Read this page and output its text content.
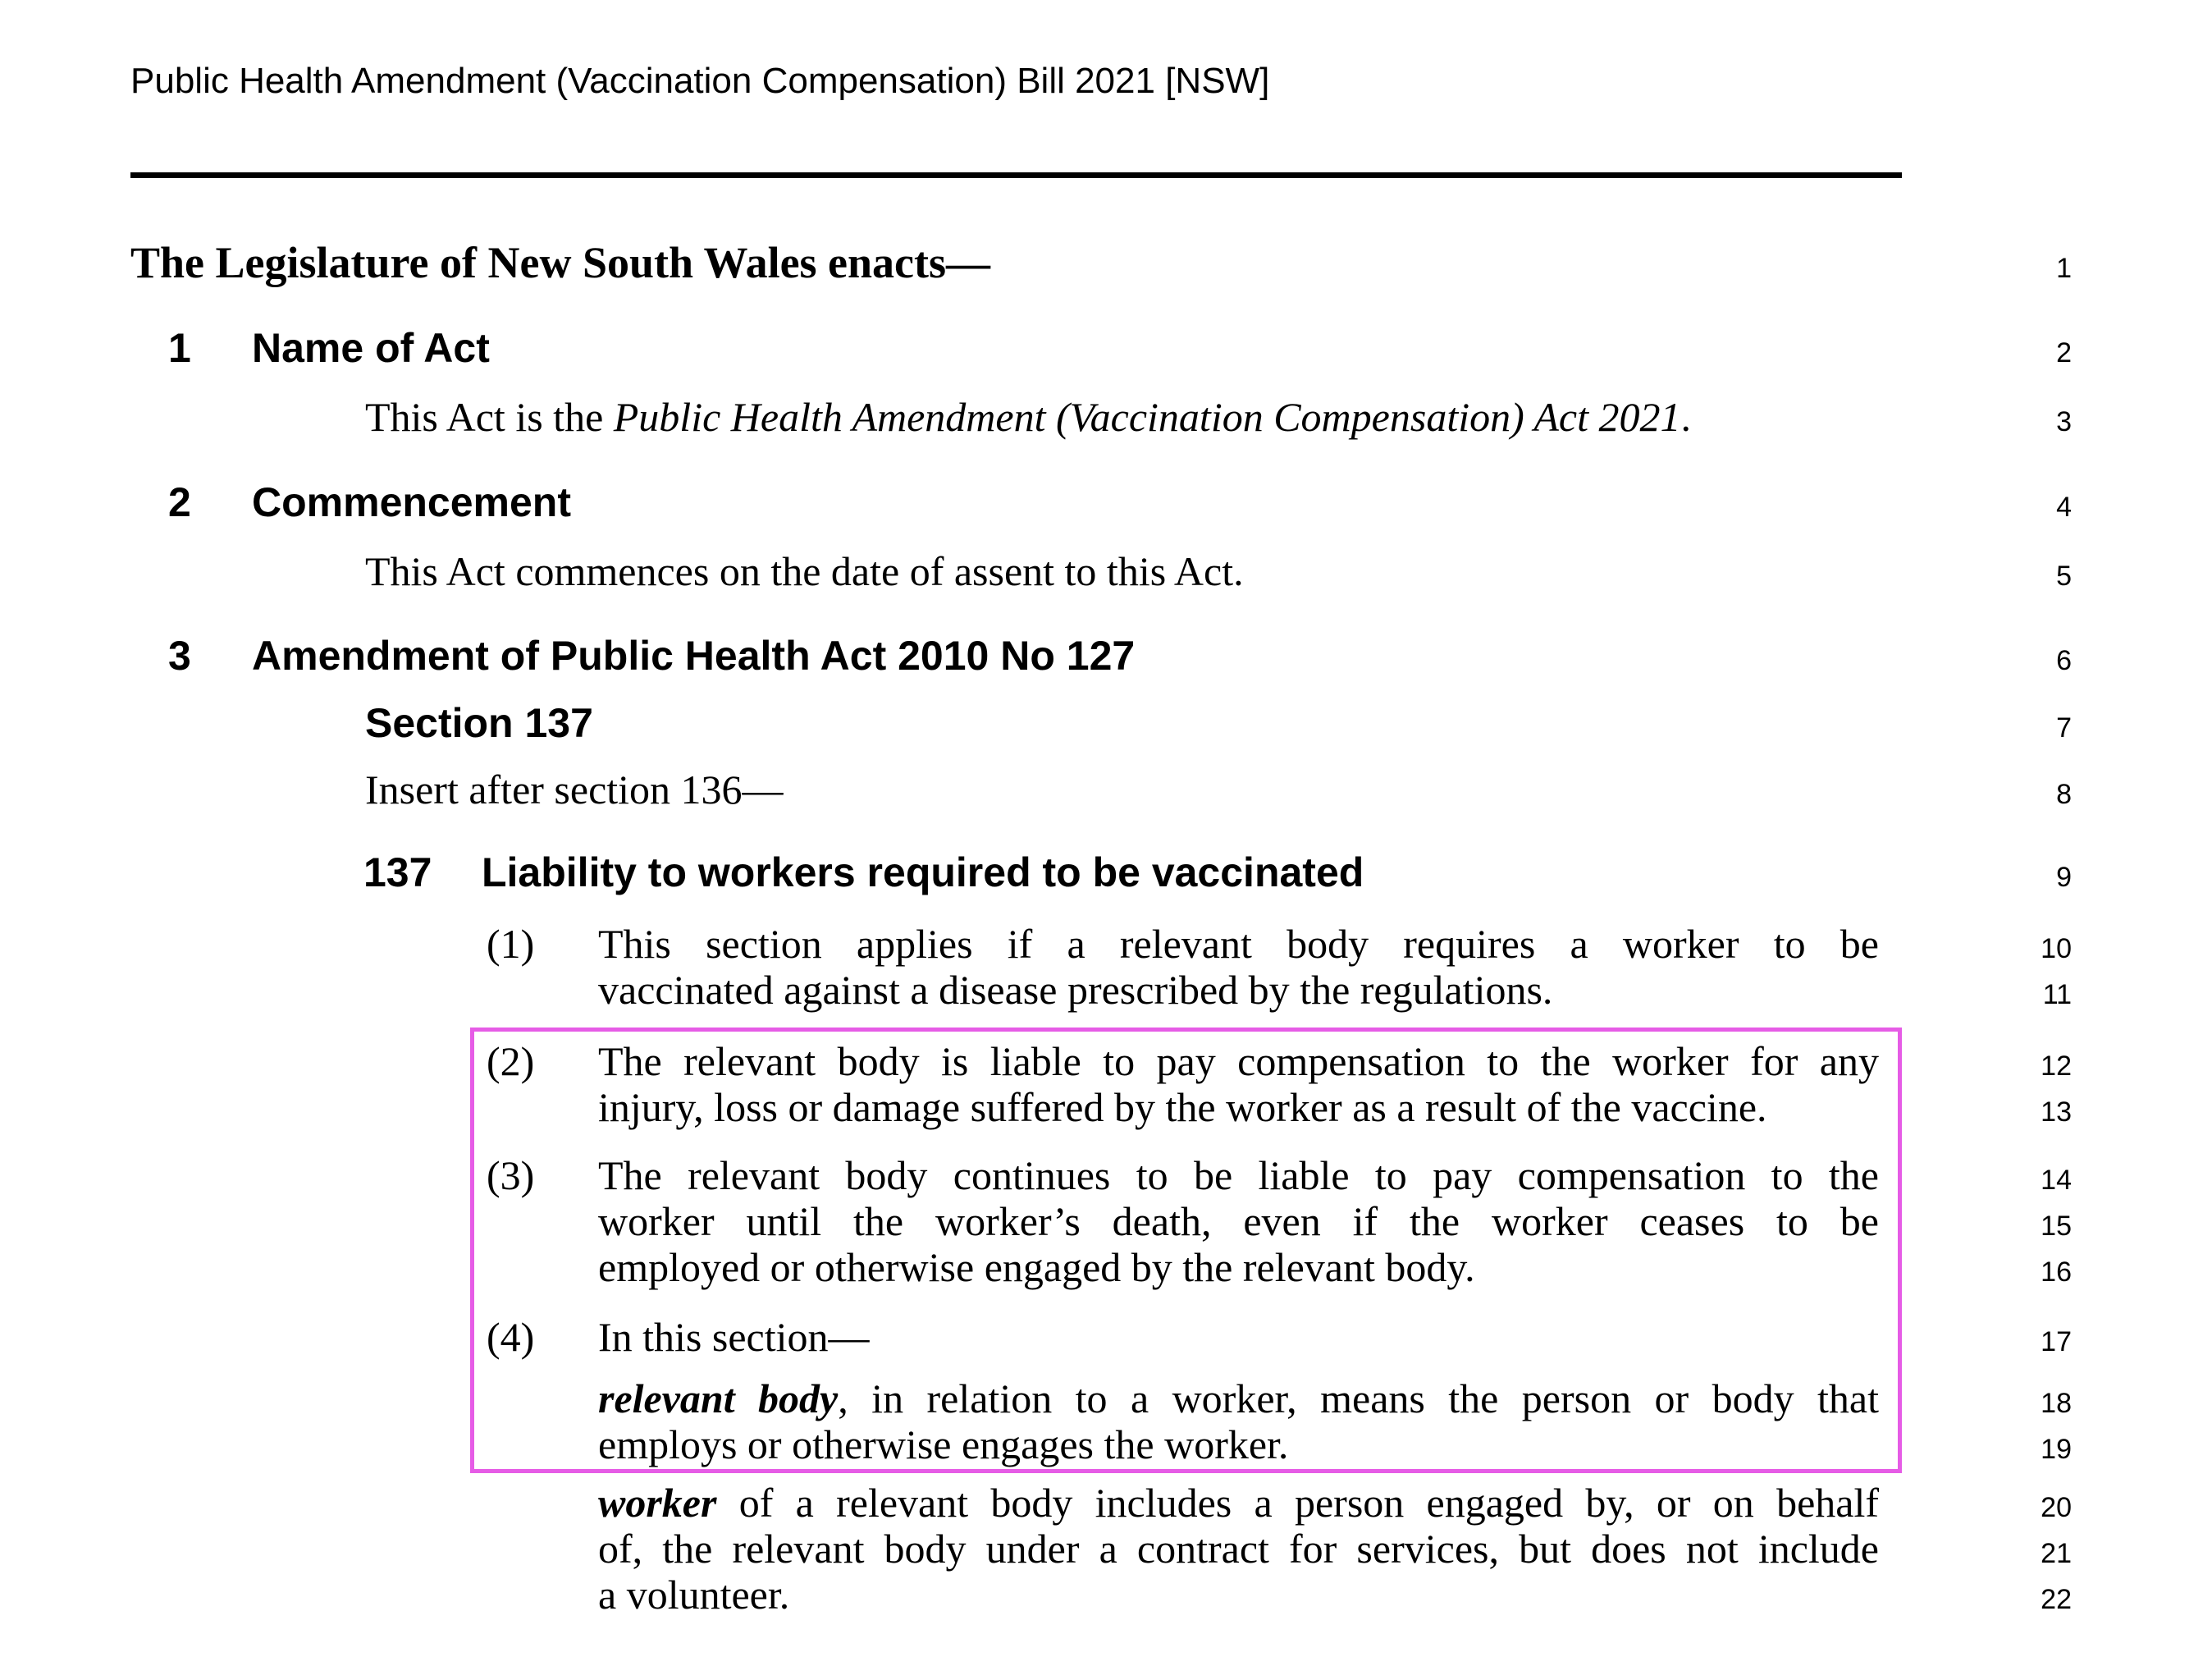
Public Health Amendment (Vaccination Compensation) Bill 2021 [NSW]
The Legislature of New South Wales enacts—	1
1	Name of Act	2
This Act is the Public Health Amendment (Vaccination Compensation) Act 2021.	3
2	Commencement	4
This Act commences on the date of assent to this Act.	5
3	Amendment of Public Health Act 2010 No 127	6
Section 137	7
Insert after section 136—	8
137	Liability to workers required to be vaccinated	9
(1)	This section applies if a relevant body requires a worker to be	10
vaccinated against a disease prescribed by the regulations.	11
(2)	The relevant body is liable to pay compensation to the worker for any	12
injury, loss or damage suffered by the worker as a result of the vaccine.	13
(3)	The relevant body continues to be liable to pay compensation to the	14
worker until the worker’s death, even if the worker ceases to be	15
employed or otherwise engaged by the relevant body.	16
(4)	In this section—	17
relevant body, in relation to a worker, means the person or body that	18
employs or otherwise engages the worker.	19
worker of a relevant body includes a person engaged by, or on behalf	20
of, the relevant body under a contract for services, but does not include	21
a volunteer.	22
